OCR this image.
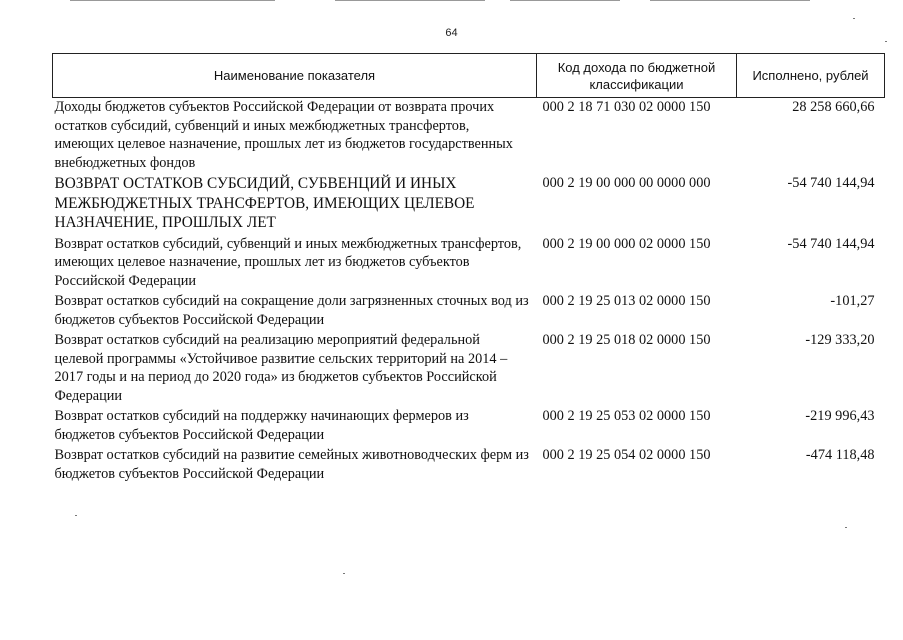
64
Наименование показателя	Код дохода по бюджетной классификации	Исполнено, рублей
Доходы бюджетов субъектов Российской Федерации от возврата прочих остатков субсидий, субвенций и иных межбюджетных трансфертов, имеющих целевое назначение, прошлых лет из бюджетов государственных внебюджетных фондов	000 2 18 71 030 02 0000 150	28 258 660,66
ВОЗВРАТ ОСТАТКОВ СУБСИДИЙ, СУБВЕНЦИЙ И ИНЫХ МЕЖБЮДЖЕТНЫХ ТРАНСФЕРТОВ, ИМЕЮЩИХ ЦЕЛЕВОЕ НАЗНАЧЕНИЕ, ПРОШЛЫХ ЛЕТ	000 2 19 00 000 00 0000 000	-54 740 144,94
Возврат остатков субсидий, субвенций и иных межбюджетных трансфертов, имеющих целевое назначение, прошлых лет из бюджетов субъектов Российской Федерации	000 2 19 00 000 02 0000 150	-54 740 144,94
Возврат остатков субсидий на сокращение доли загрязненных сточных вод из бюджетов субъектов Российской Федерации	000 2 19 25 013 02 0000 150	-101,27
Возврат остатков субсидий на реализацию мероприятий федеральной целевой программы «Устойчивое развитие сельских территорий на 2014 – 2017 годы и на период до 2020 года» из бюджетов субъектов Российской Федерации	000 2 19 25 018 02 0000 150	-129 333,20
Возврат остатков субсидий на поддержку начинающих фермеров из бюджетов субъектов Российской Федерации	000 2 19 25 053 02 0000 150	-219 996,43
Возврат остатков субсидий на развитие семейных животноводческих ферм из бюджетов субъектов Российской Федерации	000 2 19 25 054 02 0000 150	-474 118,48
